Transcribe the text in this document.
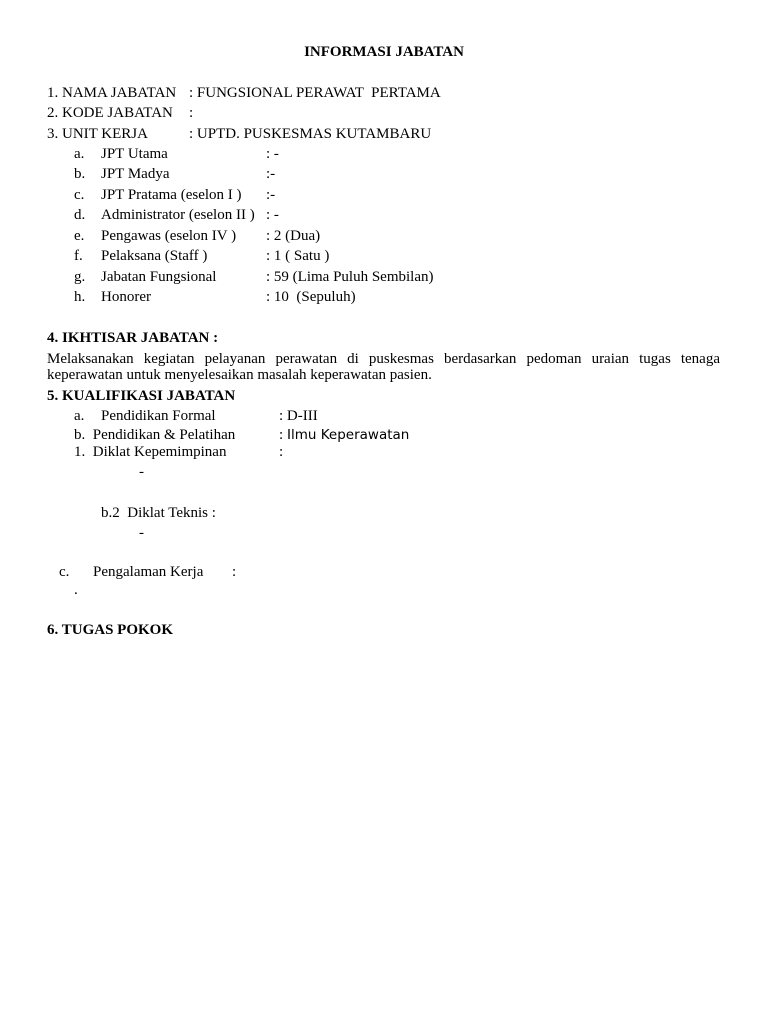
INFORMASI JABATAN
1. NAMA JABATAN : FUNGSIONAL PERAWAT  PERTAMA
2. KODE JABATAN :
3. UNIT KERJA	: UPTD. PUSKESMAS KUTAMBARU
a. JPT Utama	: -
b. JPT Madya	:-
c. JPT Pratama (eselon I ) :-
d. Administrator (eselon II ) : -
e. Pengawas (eselon IV ) : 2 (Dua)
f. Pelaksana (Staff )	: 1 ( Satu )
g. Jabatan Fungsional	: 59 (Lima Puluh Sembilan)
h. Honorer	: 10  (Sepuluh)
4. IKHTISAR JABATAN :
Melaksanakan kegiatan pelayanan perawatan di puskesmas berdasarkan pedoman uraian tugas tenaga keperawatan untuk menyelesaikan masalah keperawatan pasien.
5. KUALIFIKASI JABATAN
a. Pendidikan Formal	: D-III
b.  Pendidikan & Pelatihan	: Ilmu Keperawatan
1.  Diklat Kepemimpinan	:
-
b.2  Diklat Teknis :
-
c. Pengalaman Kerja :
.
6. TUGAS POKOK
